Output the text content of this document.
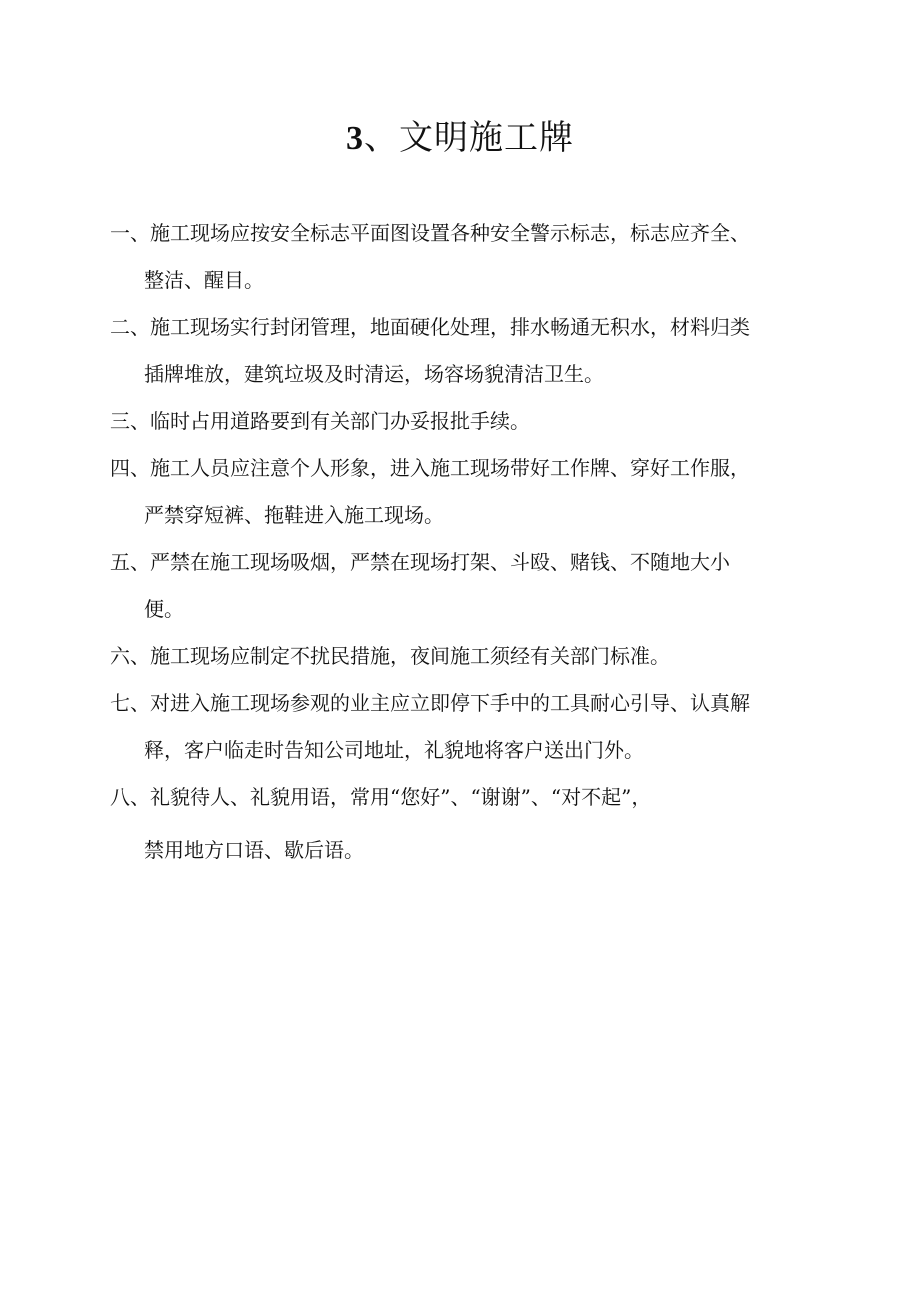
3、文明施工牌
一、施工现场应按安全标志平面图设置各种安全警示标志，标志应齐全、
整洁、醒目。
二、施工现场实行封闭管理，地面硬化处理，排水畅通无积水，材料归类
插牌堆放，建筑垃圾及时清运，场容场貌清洁卫生。
三、临时占用道路要到有关部门办妥报批手续。
四、施工人员应注意个人形象，进入施工现场带好工作牌、穿好工作服，
严禁穿短裤、拖鞋进入施工现场。
五、严禁在施工现场吸烟，严禁在现场打架、斗殴、赌钱、不随地大小
便。
六、施工现场应制定不扰民措施，夜间施工须经有关部门标准。
七、对进入施工现场参观的业主应立即停下手中的工具耐心引导、认真解
释，客户临走时告知公司地址，礼貌地将客户送出门外。
八、礼貌待人、礼貌用语，常用“您好”、“谢谢”、“对不起”，
禁用地方口语、歇后语。
